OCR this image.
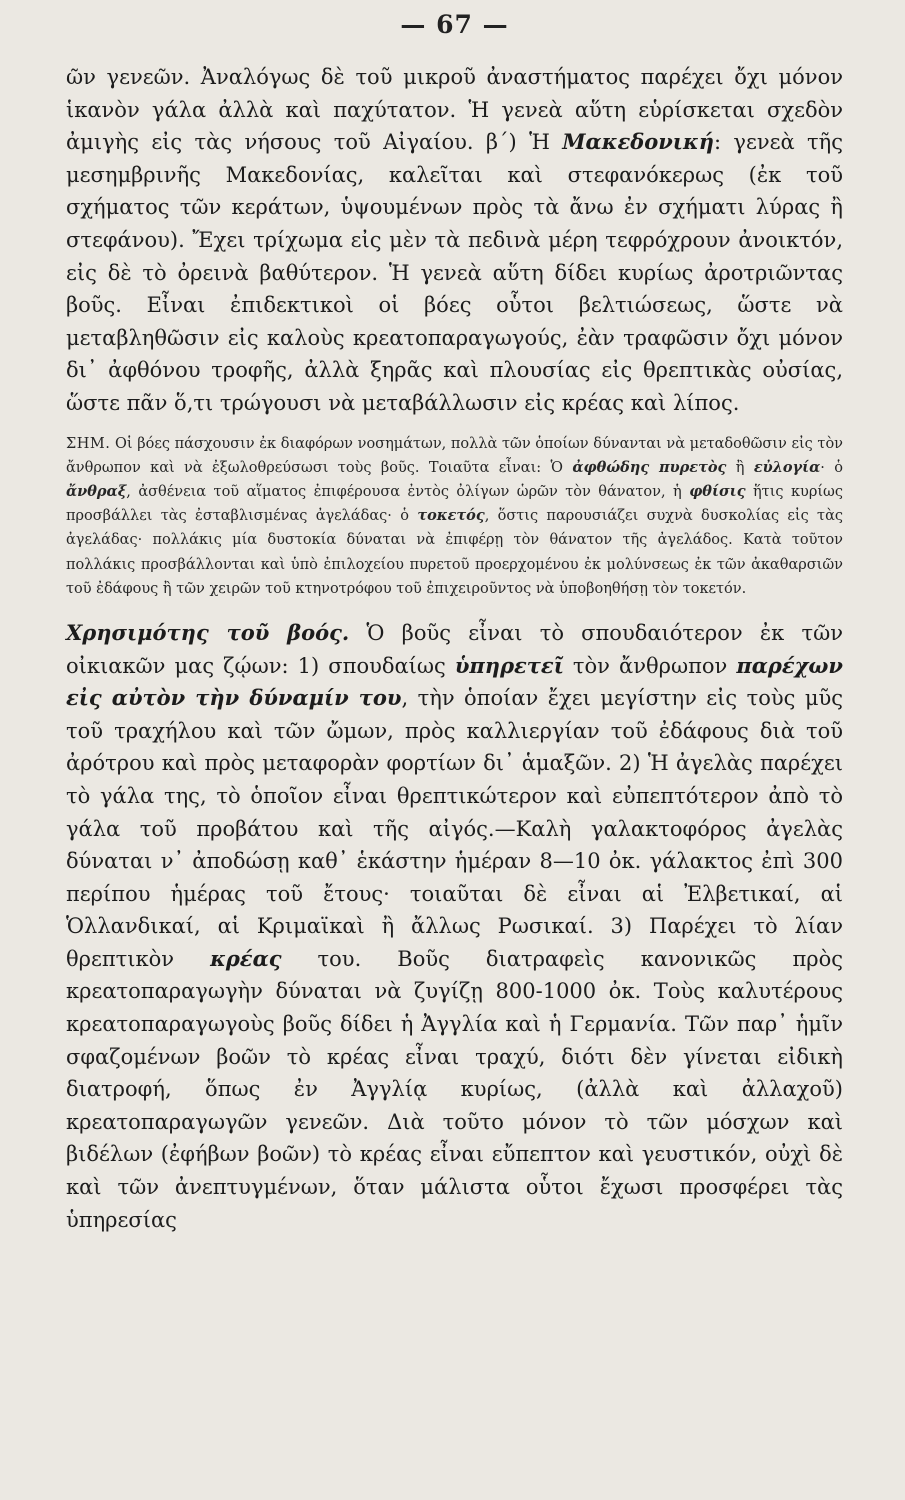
— 67 —

ῶν γενεῶν. Ἀναλόγως δὲ τοῦ μικροῦ ἀναστήματος παρέχει ὄχι μόνον ἱκανὸν γάλα ἀλλὰ καὶ παχύτατον. Ἡ γενεὰ αὕτη εὑρίσκεται σχεδὸν ἀμιγὴς εἰς τὰς νήσους τοῦ Αἰγαίου. β΄) Ἡ Μακεδονική: γενεὰ τῆς μεσημβρινῆς Μακεδονίας, καλεῖται καὶ στεφανόκερως (ἐκ τοῦ σχήματος τῶν κεράτων, ὑψουμένων πρὸς τὰ ἄνω ἐν σχήματι λύρας ἢ στεφάνου). Ἔχει τρίχωμα εἰς μὲν τὰ πεδινὰ μέρη τεφρόχρουν ἀνοικτόν, εἰς δὲ τὸ ὀρεινὰ βαθύτερον. Ἡ γενεὰ αὕτη δίδει κυρίως ἀροτριῶντας βοῦς. Εἶναι ἐπιδεκτικοὶ οἱ βόες οὗτοι βελτιώσεως, ὥστε νὰ μεταβληθῶσιν εἰς καλοὺς κρεατοπαραγωγούς, ἐὰν τραφῶσιν ὄχι μόνον δι᾿ ἀφθόνου τροφῆς, ἀλλὰ ξηρᾶς καὶ πλουσίας εἰς θρεπτικὰς οὐσίας, ὥστε πᾶν ὅ,τι τρώγουσι νὰ μεταβάλλωσιν εἰς κρέας καὶ λίπος.

ΣΗΜ. Οἱ βόες πάσχουσιν ἐκ διαφόρων νοσημάτων, πολλὰ τῶν ὁποίων δύνανται νὰ μεταδοθῶσιν εἰς τὸν ἄνθρωπον καὶ νὰ ἐξωλοθρεύσωσι τοὺς βοῦς. Τοιαῦτα εἶναι: Ὁ ἀφθώδης πυρετὸς ἢ εὐλογία· ὁ ἄνθραξ, ἀσθένεια τοῦ αἵματος ἐπιφέρουσα ἐντὸς ὀλίγων ὡρῶν τὸν θάνατον, ἡ φθίσις ἥτις κυρίως προσβάλλει τὰς ἐσταβλισμένας ἀγελάδας· ὁ τοκετός, ὅστις παρουσιάζει συχνὰ δυσκολίας εἰς τὰς ἀγελάδας· πολλάκις μία δυστοκία δύναται νὰ ἐπιφέρῃ τὸν θάνατον τῆς ἀγελάδος. Κατὰ τοῦτον πολλάκις προσβάλλονται καὶ ὑπὸ ἐπιλοχείου πυρετοῦ προερχομένου ἐκ μολύνσεως ἐκ τῶν ἀκαθαρσιῶν τοῦ ἐδάφους ἢ τῶν χειρῶν τοῦ κτηνοτρόφου τοῦ ἐπιχειροῦντος νὰ ὑποβοηθήσῃ τὸν τοκετόν.

Χρησιμότης τοῦ βοός. Ὁ βοῦς εἶναι τὸ σπουδαιότερον ἐκ τῶν οἰκιακῶν μας ζῴων: 1) σπουδαίως ὑπηρετεῖ τὸν ἄνθρωπον παρέχων εἰς αὐτὸν τὴν δύναμίν του, τὴν ὁποίαν ἔχει μεγίστην εἰς τοὺς μῦς τοῦ τραχήλου καὶ τῶν ὤμων, πρὸς καλλιεργίαν τοῦ ἐδάφους διὰ τοῦ ἀρότρου καὶ πρὸς μεταφορὰν φορτίων δι᾿ ἁμαξῶν. 2) Ἡ ἀγελὰς παρέχει τὸ γάλα της, τὸ ὁποῖον εἶναι θρεπτικώτερον καὶ εὐπεπτότερον ἀπὸ τὸ γάλα τοῦ προβάτου καὶ τῆς αἰγός.—Καλὴ γαλακτοφόρος ἀγελὰς δύναται ν᾿ ἀποδώσῃ καθ᾿ ἑκάστην ἡμέραν 8—10 ὀκ. γάλακτος ἐπὶ 300 περίπου ἡμέρας τοῦ ἔτους· τοιαῦται δὲ εἶναι αἱ Ἐλβετικαί, αἱ Ὁλλανδικαί, αἱ Κριμαϊκαὶ ἢ ἄλλως Ρωσικαί. 3) Παρέχει τὸ λίαν θρεπτικὸν κρέας του. Βοῦς διατραφεὶς κανονικῶς πρὸς κρεατοπαραγωγὴν δύναται νὰ ζυγίζῃ 800-1000 ὀκ. Τοὺς καλυτέρους κρεατοπαραγωγοὺς βοῦς δίδει ἡ Ἀγγλία καὶ ἡ Γερμανία. Τῶν παρ᾿ ἡμῖν σφαζομένων βοῶν τὸ κρέας εἶναι τραχύ, διότι δὲν γίνεται εἰδικὴ διατροφή, ὅπως ἐν Ἀγγλίᾳ κυρίως, (ἀλλὰ καὶ ἀλλαχοῦ) κρεατοπαραγωγῶν γενεῶν. Διὰ τοῦτο μόνον τὸ τῶν μόσχων καὶ βιδέλων (ἐφήβων βοῶν) τὸ κρέας εἶναι εὔπεπτον καὶ γευστικόν, οὐχὶ δὲ καὶ τῶν ἀνεπτυγμένων, ὅταν μάλιστα οὗτοι ἔχωσι προσφέρει τὰς ὑπηρεσίας
